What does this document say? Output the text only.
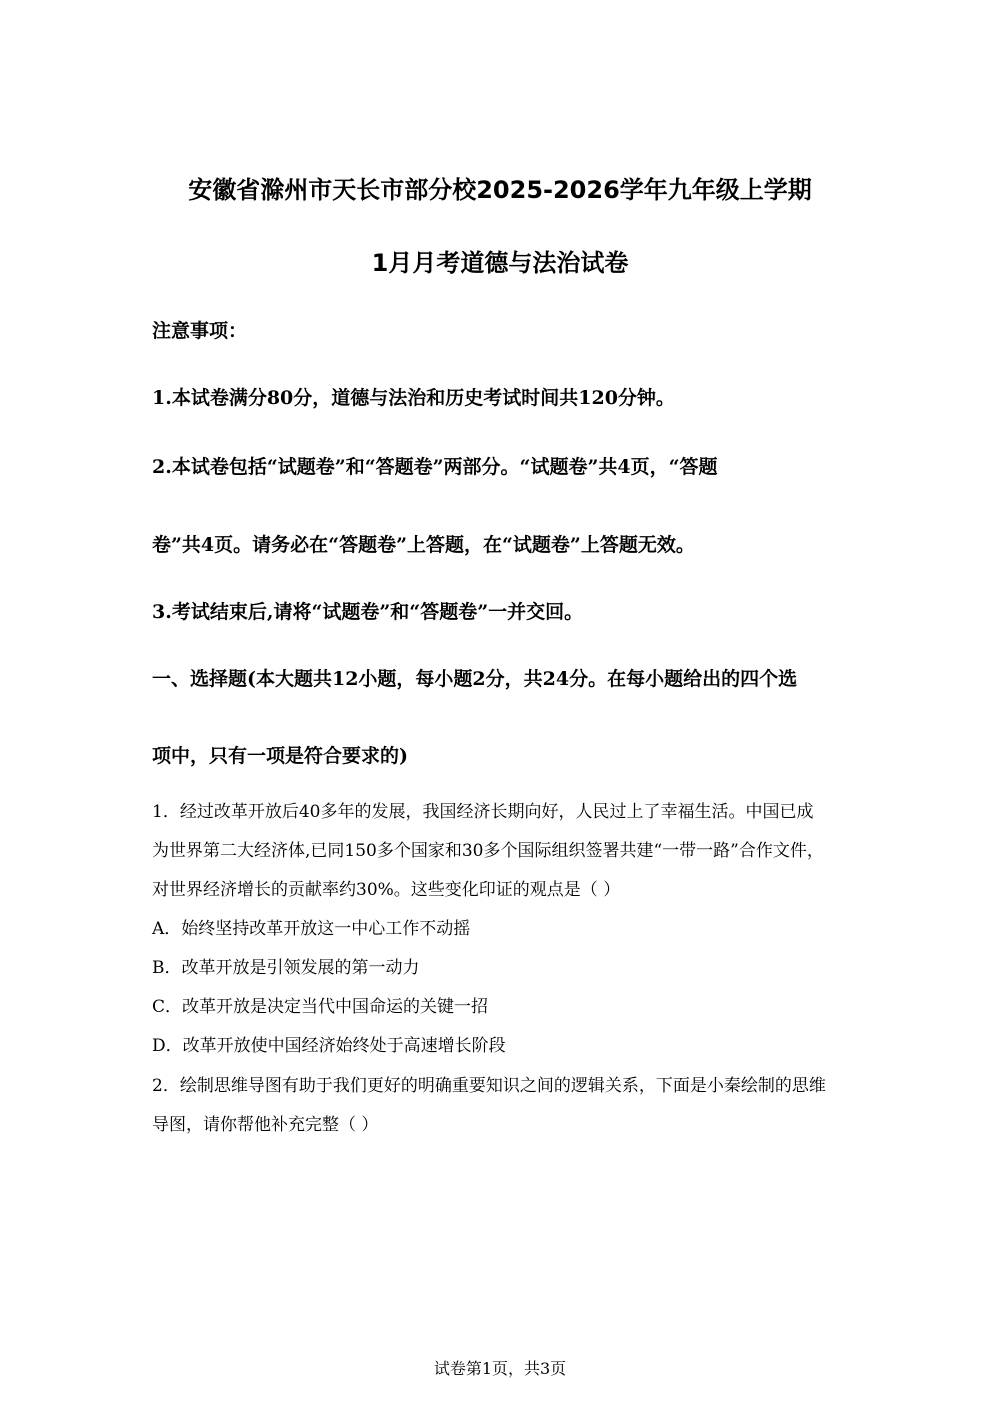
安徽省滁州市天长市部分校2025-2026学年九年级上学期
1月月考道德与法治试卷
注意事项：
1.本试卷满分80分，道德与法治和历史考试时间共120分钟。
2.本试卷包括“试题卷”和“答题卷”两部分。“试题卷”共4页，“答题
卷”共4页。请务必在“答题卷”上答题，在“试题卷”上答题无效。
3.考试结束后,请将“试题卷”和“答题卷”一并交回。
一、选择题(本大题共12小题，每小题2分，共24分。在每小题给出的四个选
项中，只有一项是符合要求的)
1．经过改革开放后40多年的发展，我国经济长期向好，人民过上了幸福生活。中国已成
为世界第二大经济体,已同150多个国家和30多个国际组织签署共建“一带一路”合作文件，
对世界经济增长的贡献率约30%。这些变化印证的观点是（ ）
A．始终坚持改革开放这一中心工作不动摇
B．改革开放是引领发展的第一动力
C．改革开放是决定当代中国命运的关键一招
D．改革开放使中国经济始终处于高速增长阶段
2．绘制思维导图有助于我们更好的明确重要知识之间的逻辑关系，下面是小秦绘制的思维
导图，请你帮他补充完整（ ）
试卷第1页，共3页
